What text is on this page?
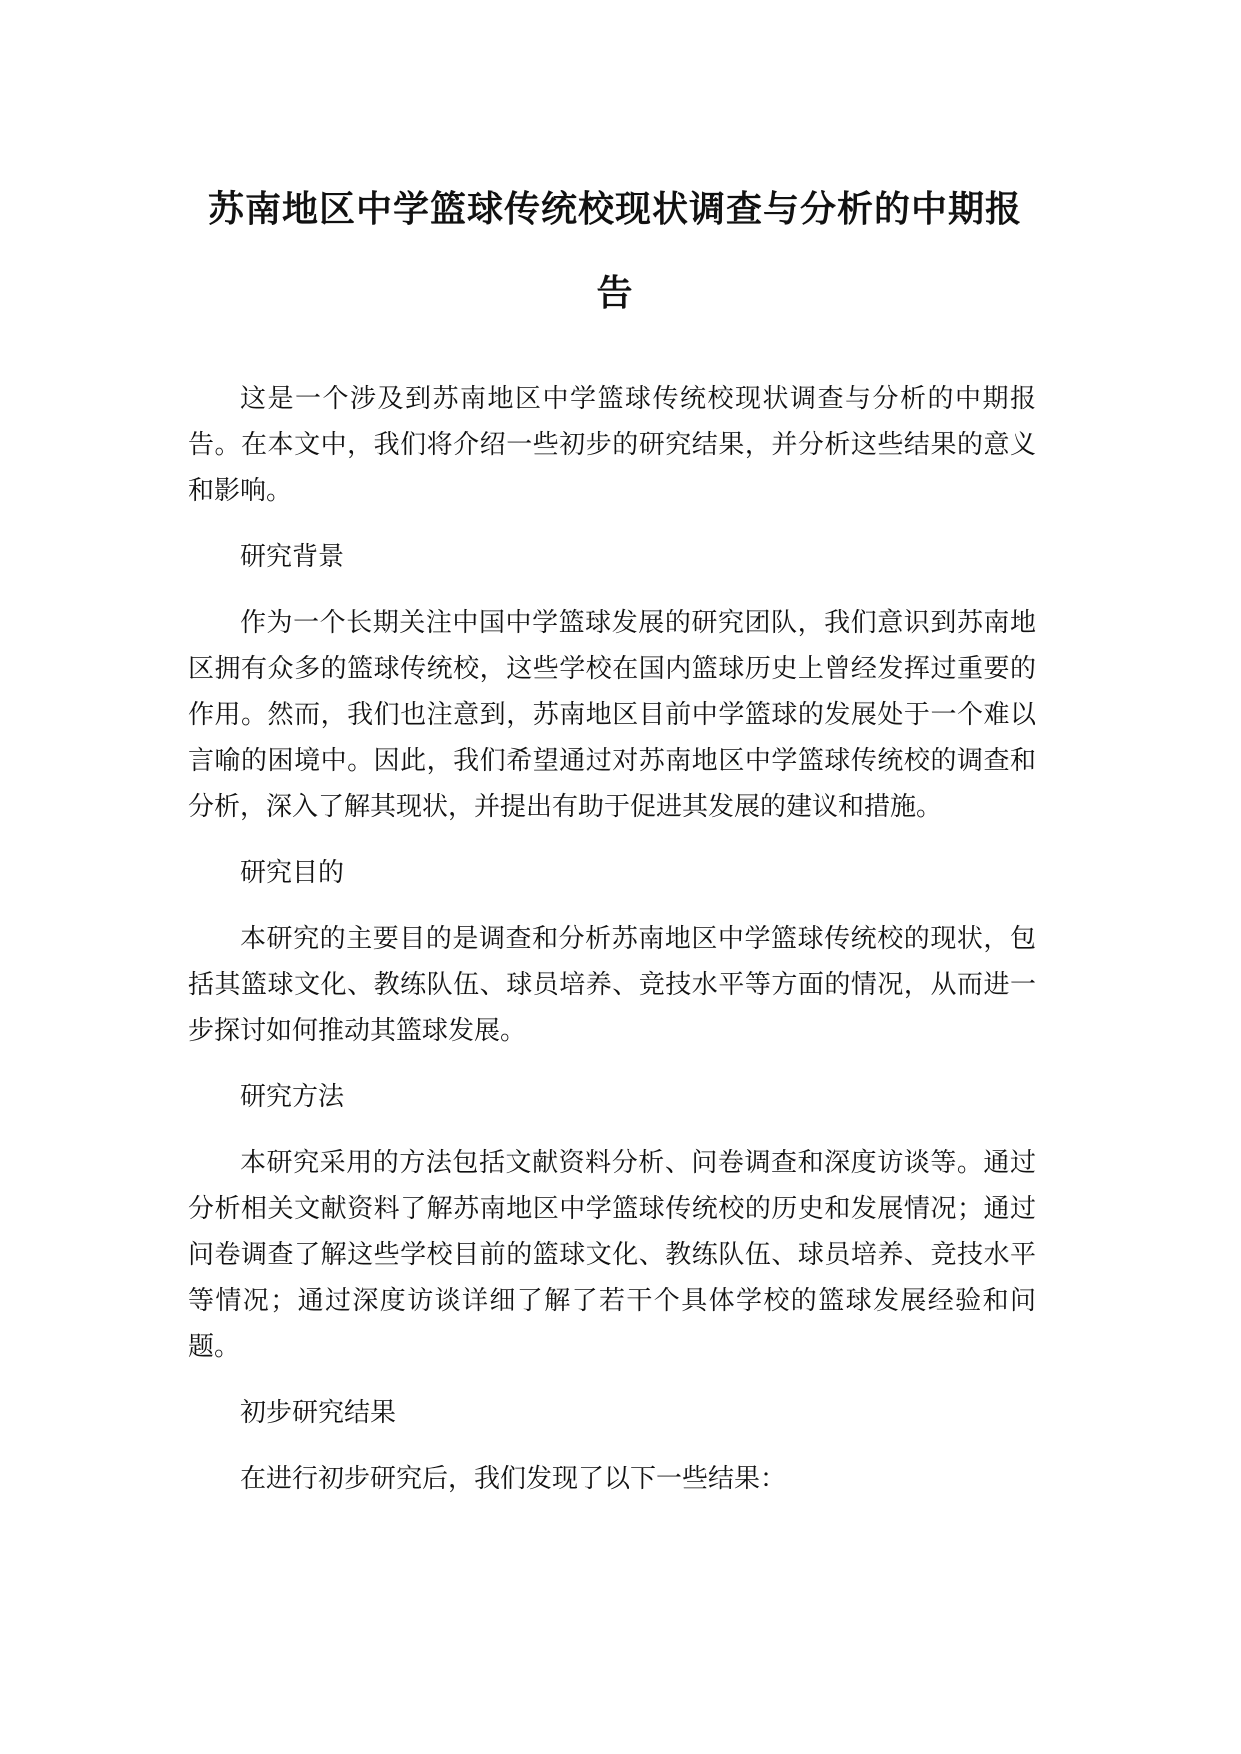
苏南地区中学篮球传统校现状调查与分析的中期报告

这是一个涉及到苏南地区中学篮球传统校现状调查与分析的中期报告。在本文中，我们将介绍一些初步的研究结果，并分析这些结果的意义和影响。

研究背景

作为一个长期关注中国中学篮球发展的研究团队，我们意识到苏南地区拥有众多的篮球传统校，这些学校在国内篮球历史上曾经发挥过重要的作用。然而，我们也注意到，苏南地区目前中学篮球的发展处于一个难以言喻的困境中。因此，我们希望通过对苏南地区中学篮球传统校的调查和分析，深入了解其现状，并提出有助于促进其发展的建议和措施。

研究目的

本研究的主要目的是调查和分析苏南地区中学篮球传统校的现状，包括其篮球文化、教练队伍、球员培养、竞技水平等方面的情况，从而进一步探讨如何推动其篮球发展。

研究方法

本研究采用的方法包括文献资料分析、问卷调查和深度访谈等。通过分析相关文献资料了解苏南地区中学篮球传统校的历史和发展情况；通过问卷调查了解这些学校目前的篮球文化、教练队伍、球员培养、竞技水平等情况；通过深度访谈详细了解了若干个具体学校的篮球发展经验和问题。

初步研究结果

在进行初步研究后，我们发现了以下一些结果：
